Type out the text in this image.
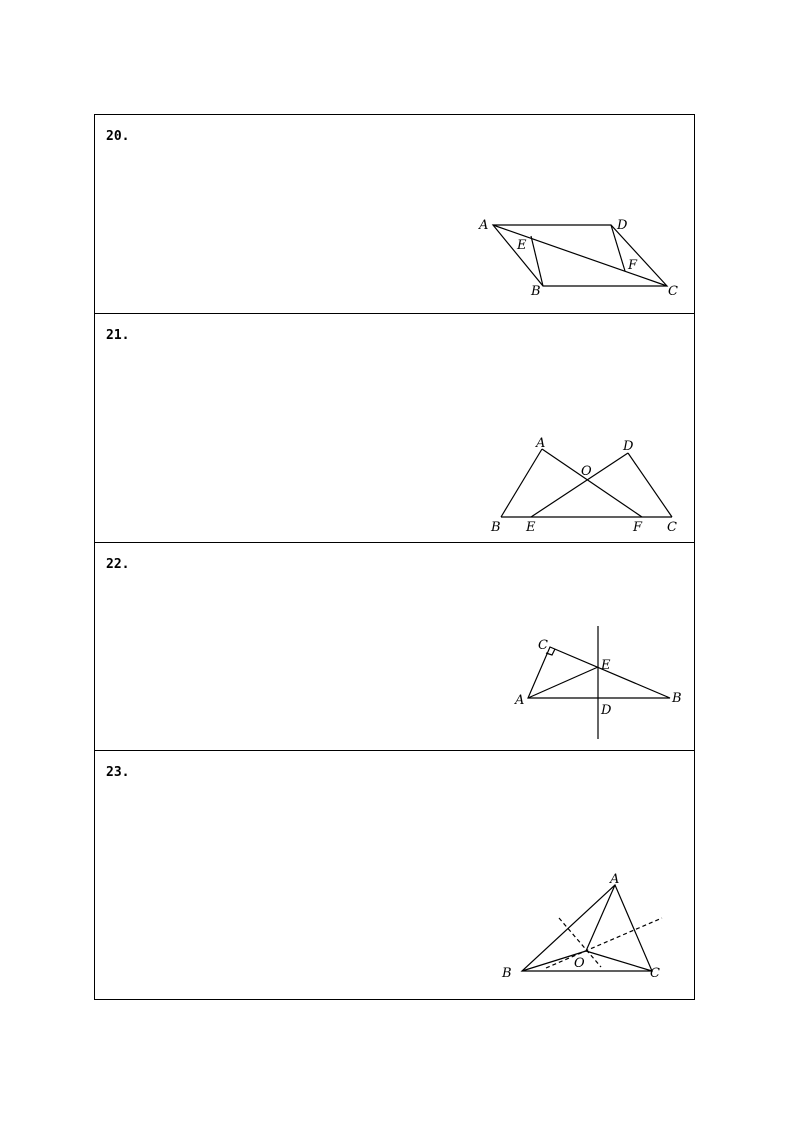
20.
A	D
E
F
B	C
21.
A	D
O
B E	F C
22.
C
E
A	B
D
23.
A
B
O
C
